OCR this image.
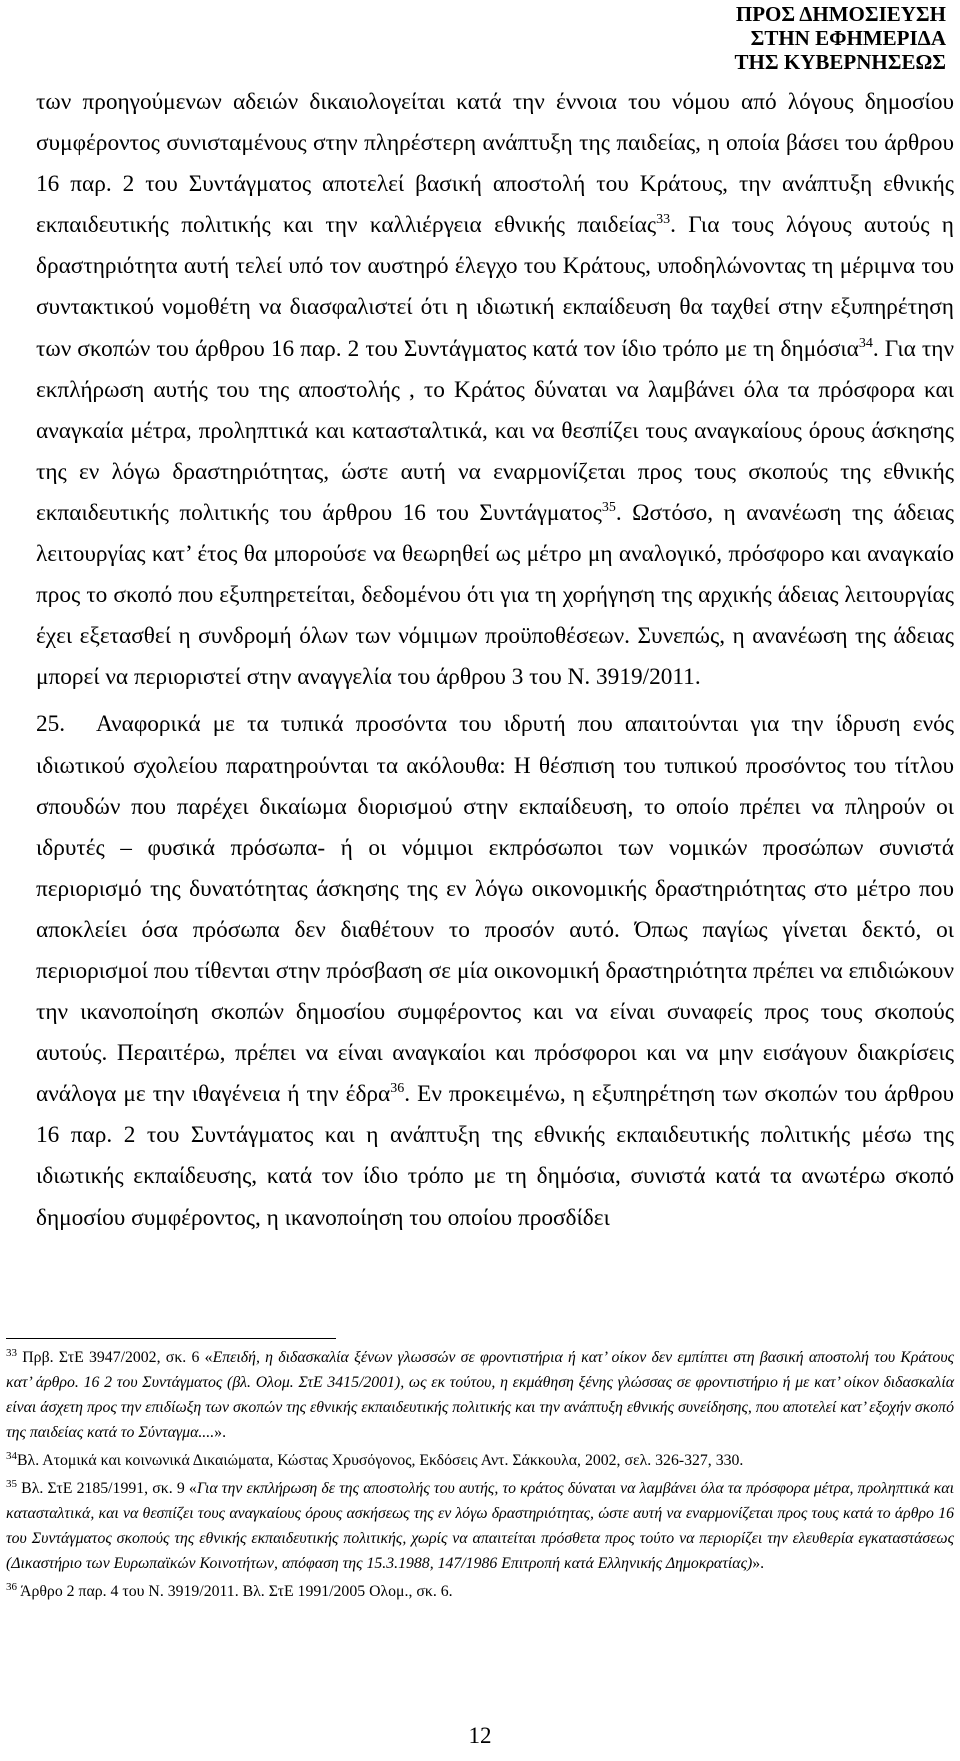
ΠΡΟΣ ΔΗΜΟΣΙΕΥΣΗ
ΣΤΗΝ ΕΦΗΜΕΡΙΔΑ
ΤΗΣ ΚΥΒΕΡΝΗΣΕΩΣ

των προηγούμενων αδειών δικαιολογείται κατά την έννοια του νόμου από λόγους δημοσίου συμφέροντος συνισταμένους στην πληρέστερη ανάπτυξη της παιδείας, η οποία βάσει του άρθρου 16 παρ. 2 του Συντάγματος αποτελεί βασική αποστολή του Κράτους, την ανάπτυξη εθνικής εκπαιδευτικής πολιτικής και την καλλιέργεια εθνικής παιδείας$^{33}$. Για τους λόγους αυτούς η δραστηριότητα αυτή τελεί υπό τον αυστηρό έλεγχο του Κράτους, υποδηλώνοντας τη μέριμνα του συντακτικού νομοθέτη να διασφαλιστεί ότι η ιδιωτική εκπαίδευση θα ταχθεί στην εξυπηρέτηση των σκοπών του άρθρου 16 παρ. 2 του Συντάγματος κατά τον ίδιο τρόπο με τη δημόσια$^{34}$. Για την εκπλήρωση αυτής του της αποστολής , το Κράτος δύναται να λαμβάνει όλα τα πρόσφορα και αναγκαία μέτρα, προληπτικά και κατασταλτικά, και να θεσπίζει τους αναγκαίους όρους άσκησης της εν λόγω δραστηριότητας, ώστε αυτή να εναρμονίζεται προς τους σκοπούς της εθνικής εκπαιδευτικής πολιτικής του άρθρου 16 του Συντάγματος$^{35}$. Ωστόσο, η ανανέωση της άδειας λειτουργίας κατ’ έτος θα μπορούσε να θεωρηθεί ως μέτρο μη αναλογικό, πρόσφορο και αναγκαίο προς το σκοπό που εξυπηρετείται, δεδομένου ότι για τη χορήγηση της αρχικής άδειας λειτουργίας έχει εξετασθεί η συνδρομή όλων των νόμιμων προϋποθέσεων. Συνεπώς, η ανανέωση της άδειας μπορεί να περιοριστεί στην αναγγελία του άρθρου 3 του Ν. 3919/2011.

25. Αναφορικά με τα τυπικά προσόντα του ιδρυτή που απαιτούνται για την ίδρυση ενός ιδιωτικού σχολείου παρατηρούνται τα ακόλουθα: Η θέσπιση του τυπικού προσόντος του τίτλου σπουδών που παρέχει δικαίωμα διορισμού στην εκπαίδευση, το οποίο πρέπει να πληρούν οι ιδρυτές – φυσικά πρόσωπα- ή οι νόμιμοι εκπρόσωποι των νομικών προσώπων συνιστά περιορισμό της δυνατότητας άσκησης της εν λόγω οικονομικής δραστηριότητας στο μέτρο που αποκλείει όσα πρόσωπα δεν διαθέτουν το προσόν αυτό. Όπως παγίως γίνεται δεκτό, οι περιορισμοί που τίθενται στην πρόσβαση σε μία οικονομική δραστηριότητα πρέπει να επιδιώκουν την ικανοποίηση σκοπών δημοσίου συμφέροντος και να είναι συναφείς προς τους σκοπούς αυτούς. Περαιτέρω, πρέπει να είναι αναγκαίοι και πρόσφοροι και να μην εισάγουν διακρίσεις ανάλογα με την ιθαγένεια ή την έδρα$^{36}$. Εν προκειμένω, η εξυπηρέτηση των σκοπών του άρθρου 16 παρ. 2 του Συντάγματος και η ανάπτυξη της εθνικής εκπαιδευτικής πολιτικής μέσω της ιδιωτικής εκπαίδευσης, κατά τον ίδιο τρόπο με τη δημόσια, συνιστά κατά τα ανωτέρω σκοπό δημοσίου συμφέροντος, η ικανοποίηση του οποίου προσδίδει

$^{33}$ Πρβ. ΣτΕ 3947/2002, σκ. 6 «Επειδή, η διδασκαλία ξένων γλωσσών σε φροντιστήρια ή κατ’ οίκον δεν εμπίπτει στη βασική αποστολή του Κράτους κατ’ άρθρο. 16 2 του Συντάγματος (βλ. Ολομ. ΣτΕ 3415/2001), ως εκ τούτου, η εκμάθηση ξένης γλώσσας σε φροντιστήριο ή με κατ’ οίκον διδασκαλία είναι άσχετη προς την επιδίωξη των σκοπών της εθνικής εκπαιδευτικής πολιτικής και την ανάπτυξη εθνικής συνείδησης, που αποτελεί κατ’ εξοχήν σκοπό της παιδείας κατά το Σύνταγμα....».

$^{34}$Βλ. Ατομικά και κοινωνικά Δικαιώματα, Κώστας Χρυσόγονος, Εκδόσεις Αντ. Σάκκουλα, 2002, σελ. 326-327, 330.

$^{35}$ Βλ. ΣτΕ 2185/1991, σκ. 9 «Για την εκπλήρωση δε της αποστολής του αυτής, το κράτος δύναται να λαμβάνει όλα τα πρόσφορα μέτρα, προληπτικά και κατασταλτικά, και να θεσπίζει τους αναγκαίους όρους ασκήσεως της εν λόγω δραστηριότητας, ώστε αυτή να εναρμονίζεται προς τους κατά το άρθρο 16 του Συντάγματος σκοπούς της εθνικής εκπαιδευτικής πολιτικής, χωρίς να απαιτείται πρόσθετα προς τούτο να περιορίζει την ελευθερία εγκαταστάσεως (Δικαστήριο των Ευρωπαϊκών Κοινοτήτων, απόφαση της 15.3.1988, 147/1986 Επιτροπή κατά Ελληνικής Δημοκρατίας)».

$^{36}$ Άρθρο 2 παρ. 4 του Ν. 3919/2011. Βλ. ΣτΕ 1991/2005 Ολομ., σκ. 6.

12
